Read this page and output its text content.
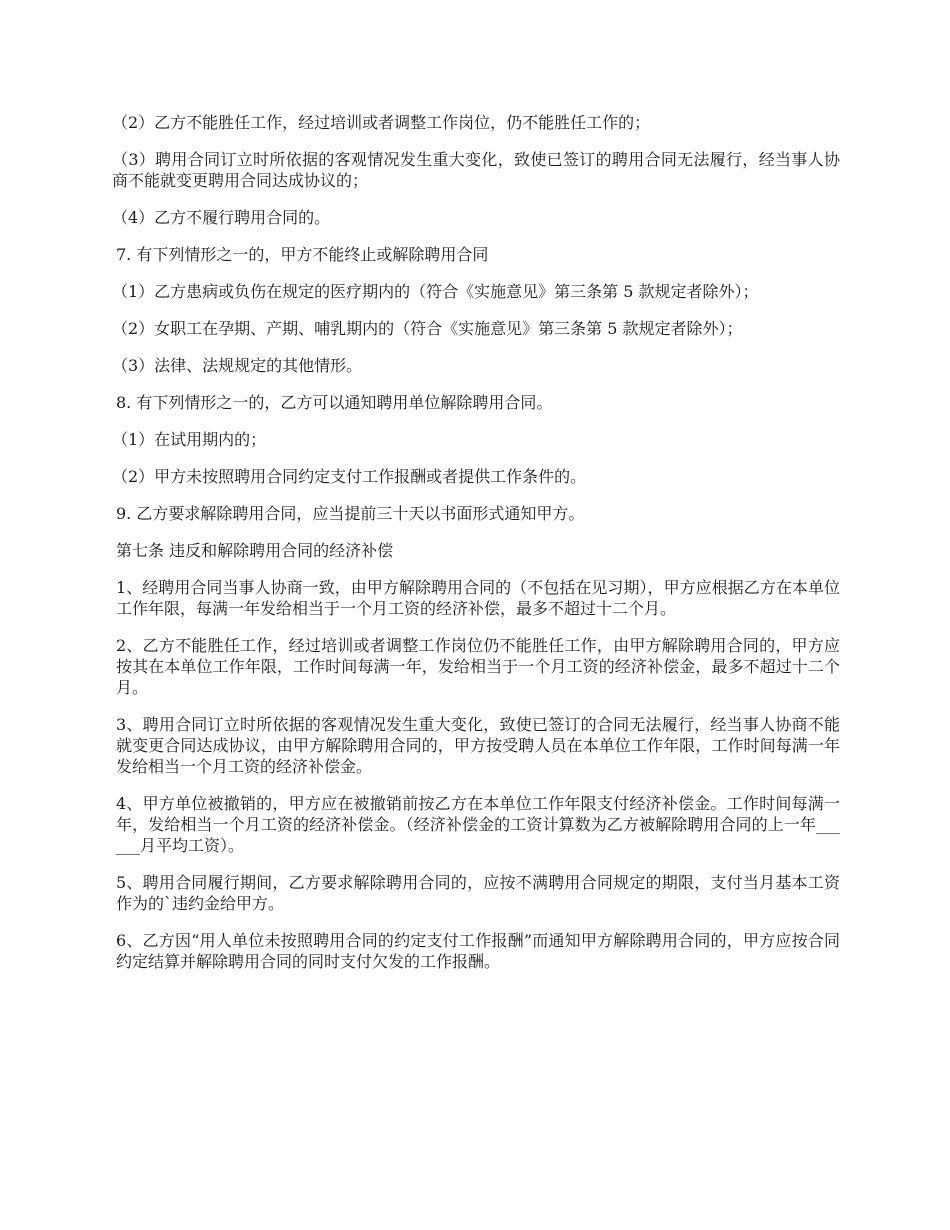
（2）乙方不能胜任工作，经过培训或者调整工作岗位，仍不能胜任工作的；

（3）聘用合同订立时所依据的客观情况发生重大变化，致使已签订的聘用合同无法履行，经当事人协商不能就变更聘用合同达成协议的；

（4）乙方不履行聘用合同的。

7. 有下列情形之一的，甲方不能终止或解除聘用合同

（1）乙方患病或负伤在规定的医疗期内的（符合《实施意见》第三条第 5 款规定者除外）；

（2）女职工在孕期、产期、哺乳期内的（符合《实施意见》第三条第 5 款规定者除外）；

（3）法律、法规规定的其他情形。

8. 有下列情形之一的，乙方可以通知聘用单位解除聘用合同。

（1）在试用期内的；

（2）甲方未按照聘用合同约定支付工作报酬或者提供工作条件的。

9. 乙方要求解除聘用合同，应当提前三十天以书面形式通知甲方。

第七条 违反和解除聘用合同的经济补偿

1、经聘用合同当事人协商一致，由甲方解除聘用合同的（不包括在见习期），甲方应根据乙方在本单位工作年限，每满一年发给相当于一个月工资的经济补偿，最多不超过十二个月。

2、乙方不能胜任工作，经过培训或者调整工作岗位仍不能胜任工作，由甲方解除聘用合同的，甲方应按其在本单位工作年限，工作时间每满一年，发给相当于一个月工资的经济补偿金，最多不超过十二个月。

3、聘用合同订立时所依据的客观情况发生重大变化，致使已签订的合同无法履行，经当事人协商不能就变更合同达成协议，由甲方解除聘用合同的，甲方按受聘人员在本单位工作年限，工作时间每满一年发给相当一个月工资的经济补偿金。

4、甲方单位被撤销的，甲方应在被撤销前按乙方在本单位工作年限支付经济补偿金。工作时间每满一年，发给相当一个月工资的经济补偿金。（经济补偿金的工资计算数为乙方被解除聘用合同的上一年______月平均工资）。

5、聘用合同履行期间，乙方要求解除聘用合同的，应按不满聘用合同规定的期限，支付当月基本工资作为的`违约金给甲方。

6、乙方因“用人单位未按照聘用合同的约定支付工作报酬”而通知甲方解除聘用合同的，甲方应按合同约定结算并解除聘用合同的同时支付欠发的工作报酬。
